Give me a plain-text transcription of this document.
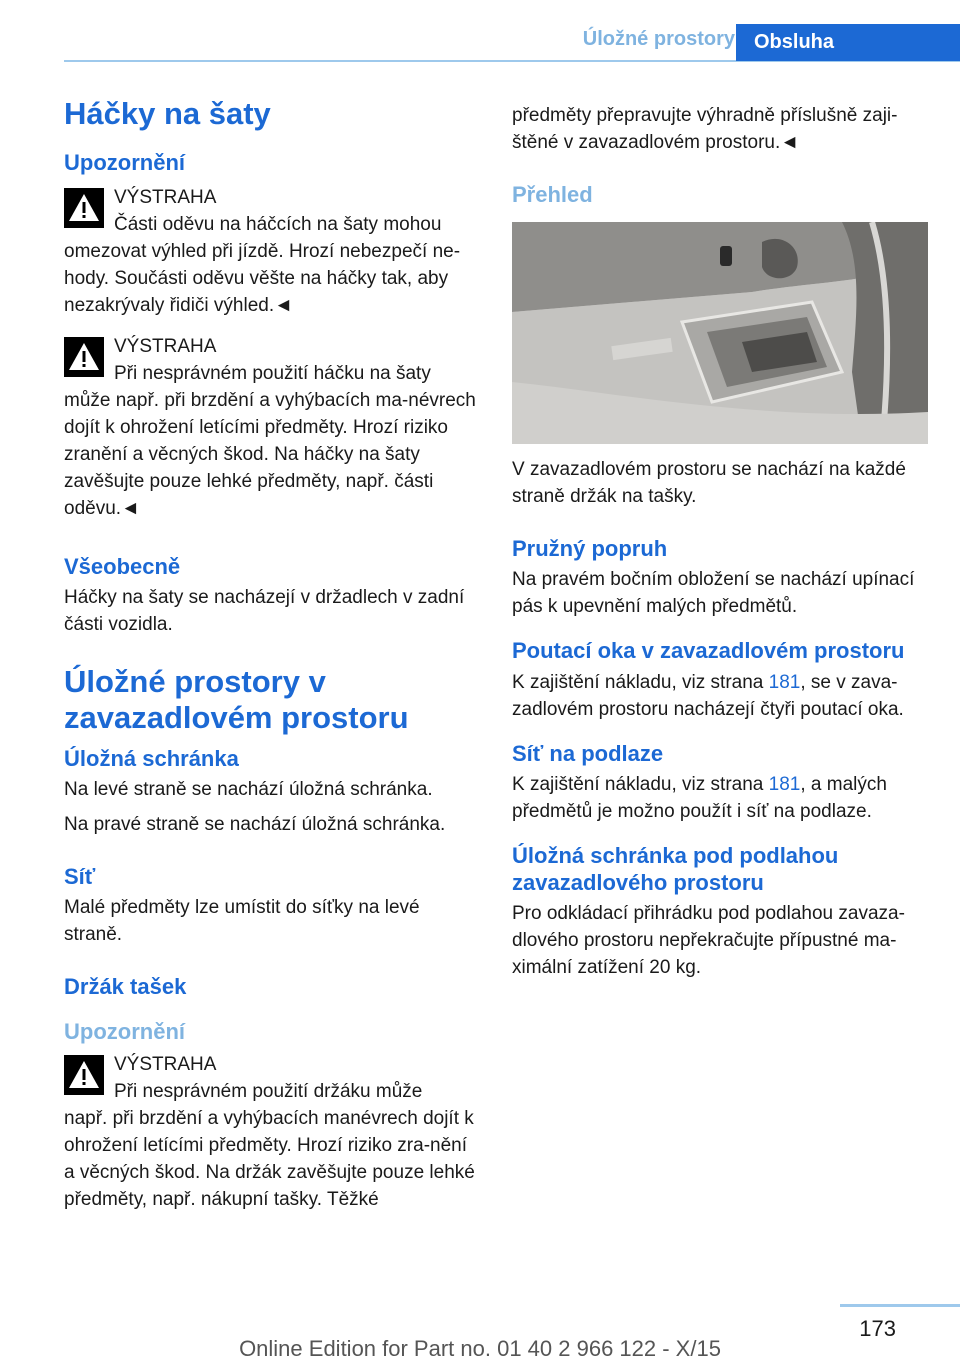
Úložné prostory Obsluha
Háčky na šaty
Upozornění

VÝSTRAHA
Části oděvu na háčcích na šaty mohou

omezovat výhled při jízdě. Hrozí nebezpečí ne-hody. Součásti oděvu věšte na háčky tak, aby nezakrývaly řidiči výhled.◄

VÝSTRAHA
Při nesprávném použití háčku na šaty

může např. při brzdění a vyhýbacích ma-névrech dojít k ohrožení letícími předměty. Hrozí riziko zranění a věcných škod. Na háčky na šaty zavěšujte pouze lehké předměty, např. části oděvu.◄

Všeobecně

Háčky na šaty se nacházejí v držadlech v zadní části vozidla.

Úložné prostory v zavazadlovém prostoru
Úložná schránka

Na levé straně se nachází úložná schránka.

Na pravé straně se nachází úložná schránka.

Síť

Malé předměty lze umístit do síťky na levé straně.

Držák tašek
Upozornění

VÝSTRAHA
Při nesprávném použití držáku může

např. při brzdění a vyhýbacích manévrech dojít k ohrožení letícími předměty. Hrozí riziko zra-nění a věcných škod. Na držák zavěšujte pouze lehké předměty, např. nákupní tašky. Těžké

předměty přepravujte výhradně příslušně zaji-štěné v zavazadlovém prostoru.◄

Přehled

V zavazadlovém prostoru se nachází na každé straně držák na tašky.

Pružný popruh

Na pravém bočním obložení se nachází upínací pás k upevnění malých předmětů.

Poutací oka v zavazadlovém prostoru

K zajištění nákladu, viz strana 181, se v zava-zadlovém prostoru nacházejí čtyři poutací oka.

Síť na podlaze

K zajištění nákladu, viz strana 181, a malých předmětů je možno použít i síť na podlaze.

Úložná schránka pod podlahou zavazadlového prostoru

Pro odkládací přihrádku pod podlahou zavaza-dlového prostoru nepřekračujte přípustné ma-ximální zatížení 20 kg.

173
Online Edition for Part no. 01 40 2 966 122 - X/15
